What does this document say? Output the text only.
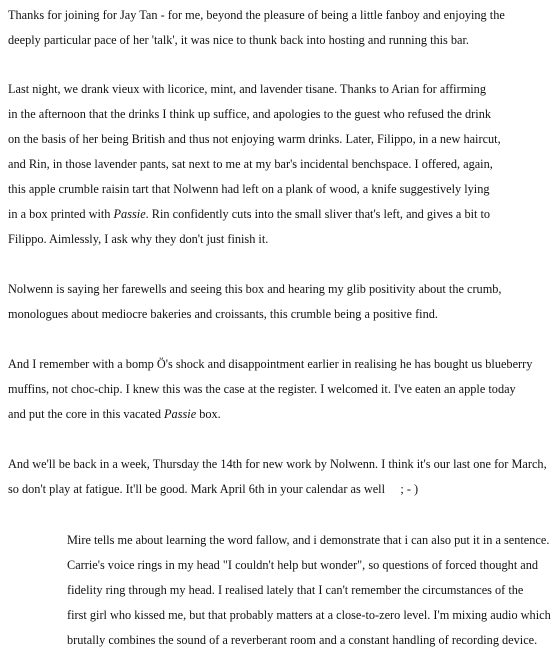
Thanks for joining for Jay Tan - for me, beyond the pleasure of being a little fanboy and enjoying the
deeply particular pace of her 'talk', it was nice to thunk back into hosting and running this bar.
Last night, we drank vieux with licorice, mint, and lavender tisane. Thanks to Arian for affirming
in the afternoon that the drinks I think up suffice, and apologies to the guest who refused the drink
on the basis of her being British and thus not enjoying warm drinks. Later, Filippo, in a new haircut,
and Rin, in those lavender pants, sat next to me at my bar's incidental benchspace. I offered, again,
this apple crumble raisin tart that Nolwenn had left on a plank of wood, a knife suggestively lying
in a box printed with Passie. Rin confidently cuts into the small sliver that's left, and gives a bit to
Filippo. Aimlessly, I ask why they don't just finish it.
Nolwenn is saying her farewells and seeing this box and hearing my glib positivity about the crumb,
monologues about mediocre bakeries and croissants, this crumble being a positive find.
And I remember with a bomp Ö's shock and disappointment earlier in realising he has bought us blueberry
muffins, not choc-chip. I knew this was the case at the register. I welcomed it. I've eaten an apple today
and put the core in this vacated Passie box.
And we'll be back in a week, Thursday the 14th for new work by Nolwenn. I think it's our last one for March,
so don't play at fatigue. It'll be good. Mark April 6th in your calendar as well     ; - )
Mire tells me about learning the word fallow, and i demonstrate that i can also put it in a sentence.
Carrie's voice rings in my head "I couldn't help but wonder", so questions of forced thought and
fidelity ring through my head. I realised lately that I can't remember the circumstances of the
first girl who kissed me, but that probably matters at a close-to-zero level. I'm mixing audio which
brutally combines the sound of a reverberant room and a constant handling of recording device.
